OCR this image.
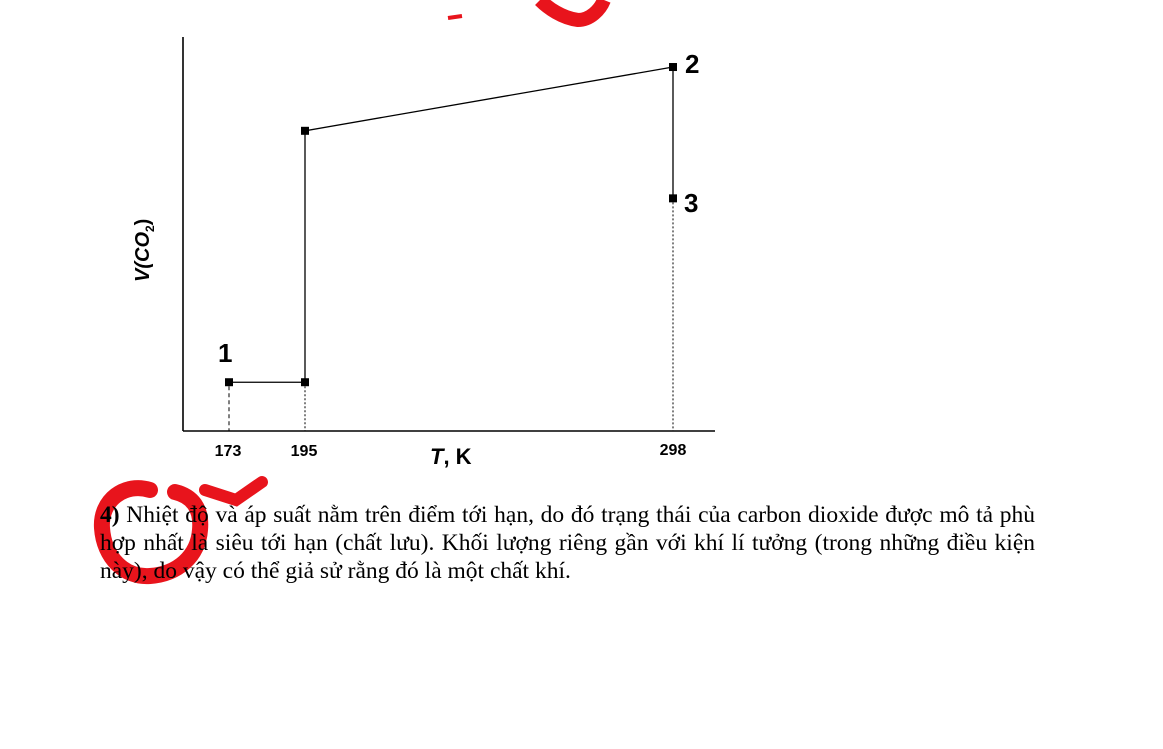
$V(CO_2)$
T, K
173	195	298
1
2
3
4) Nhiệt độ và áp suất nằm trên điểm tới hạn, do đó trạng thái của carbon dioxide được mô tả phù hợp nhất là siêu tới hạn (chất lưu). Khối lượng riêng gần với khí lí tưởng (trong những điều kiện này), do vậy có thể giả sử rằng đó là một chất khí.
